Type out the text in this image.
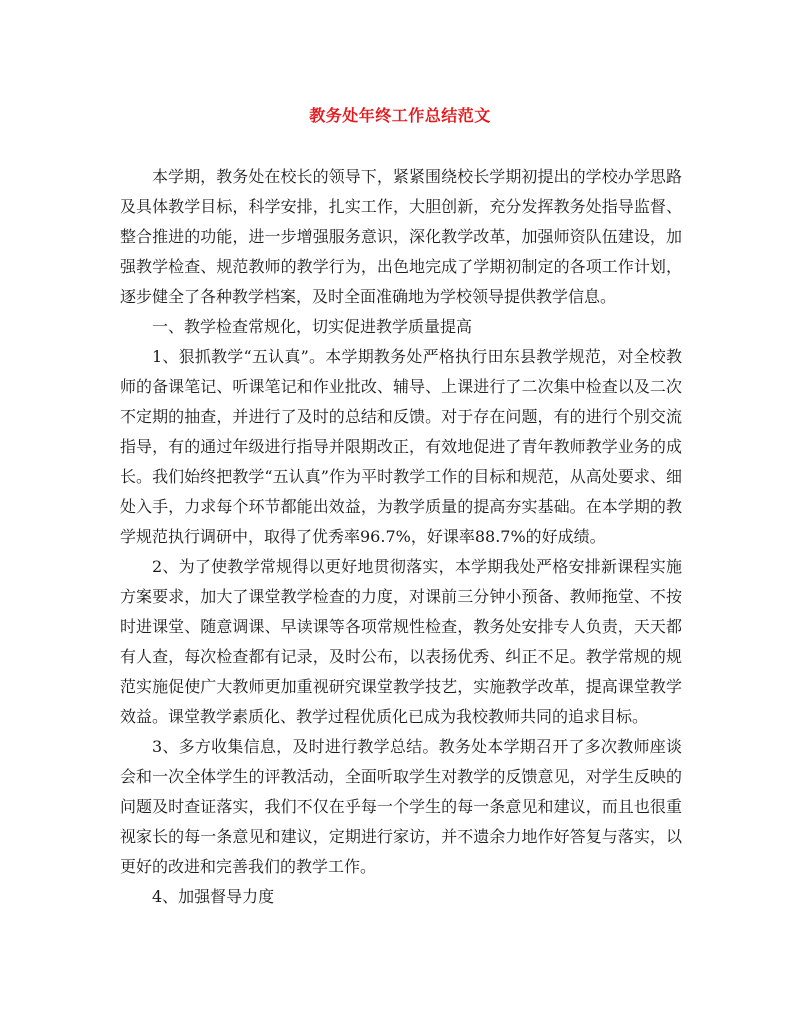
教务处年终工作总结范文

本学期，教务处在校长的领导下，紧紧围绕校长学期初提出的学校办学思路及具体教学目标，科学安排，扎实工作，大胆创新，充分发挥教务处指导监督、整合推进的功能，进一步增强服务意识，深化教学改革，加强师资队伍建设，加强教学检查、规范教师的教学行为，出色地完成了学期初制定的各项工作计划，逐步健全了各种教学档案，及时全面准确地为学校领导提供教学信息。

一、教学检查常规化，切实促进教学质量提高

1、狠抓教学“五认真”。本学期教务处严格执行田东县教学规范，对全校教师的备课笔记、听课笔记和作业批改、辅导、上课进行了二次集中检查以及二次不定期的抽查，并进行了及时的总结和反馈。对于存在问题，有的进行个别交流指导，有的通过年级进行指导并限期改正，有效地促进了青年教师教学业务的成长。我们始终把教学“五认真”作为平时教学工作的目标和规范，从高处要求、细处入手，力求每个环节都能出效益，为教学质量的提高夯实基础。在本学期的教学规范执行调研中，取得了优秀率96.7%，好课率88.7%的好成绩。

2、为了使教学常规得以更好地贯彻落实，本学期我处严格安排新课程实施方案要求，加大了课堂教学检查的力度，对课前三分钟小预备、教师拖堂、不按时进课堂、随意调课、早读课等各项常规性检查，教务处安排专人负责，天天都有人查，每次检查都有记录，及时公布，以表扬优秀、纠正不足。教学常规的规范实施促使广大教师更加重视研究课堂教学技艺，实施教学改革，提高课堂教学效益。课堂教学素质化、教学过程优质化已成为我校教师共同的追求目标。

3、多方收集信息，及时进行教学总结。教务处本学期召开了多次教师座谈会和一次全体学生的评教活动，全面听取学生对教学的反馈意见，对学生反映的问题及时查证落实，我们不仅在乎每一个学生的每一条意见和建议，而且也很重视家长的每一条意见和建议，定期进行家访，并不遗余力地作好答复与落实，以更好的改进和完善我们的教学工作。

4、加强督导力度
